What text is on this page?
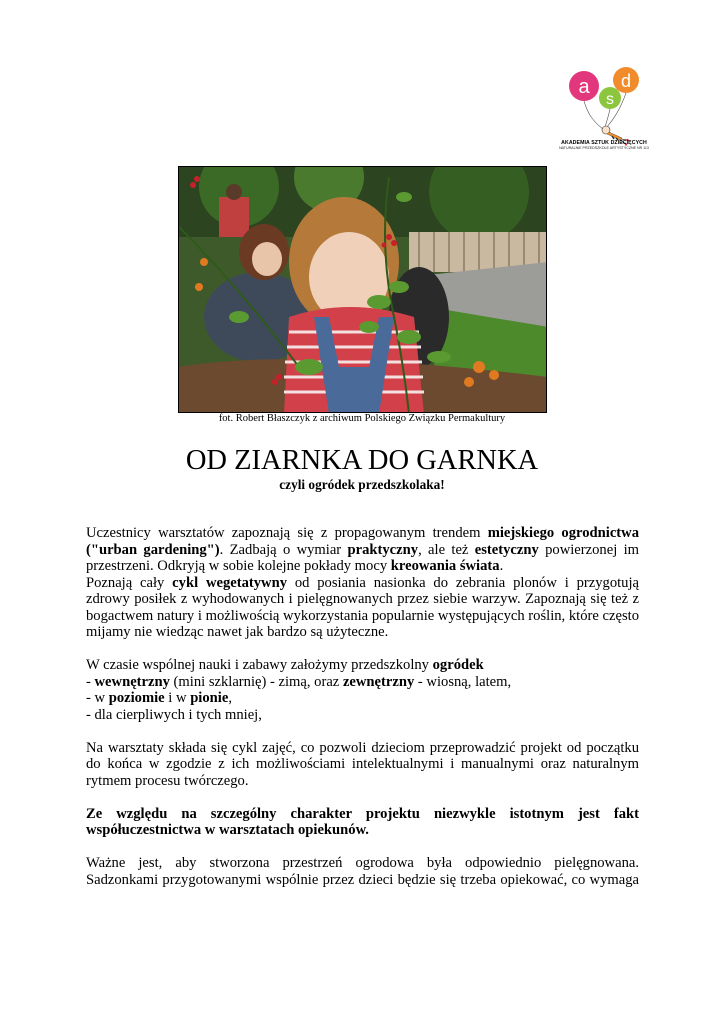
a
s
d
AKADEMIA SZTUK DZIECIĘCYCH
NATURALNIE PRZEDSZKOLE ARTYSTYCZNE NR 113
fot. Robert Błaszczyk z archiwum Polskiego Związku Permakultury
OD ZIARNKA DO GARNKA
czyli ogródek przedszkolaka!

Uczestnicy warsztatów zapoznają się z propagowanym trendem miejskiego ogrodnictwa ("urban gardening"). Zadbają o wymiar praktyczny, ale też estetyczny powierzonej im przestrzeni. Odkryją w sobie kolejne pokłady mocy kreowania świata.

Poznają cały cykl wegetatywny od posiania nasionka do zebrania plonów i przygotują zdrowy posiłek z wyhodowanych i pielęgnowanych przez siebie warzyw. Zapoznają się też z bogactwem natury i możliwością wykorzystania popularnie występujących roślin, które często mijamy nie wiedząc nawet jak bardzo są użyteczne.

W czasie wspólnej nauki i zabawy założymy przedszkolny ogródek
- wewnętrzny (mini szklarnię) - zimą, oraz zewnętrzny - wiosną, latem,
- w poziomie i w pionie,
- dla cierpliwych i tych mniej,

Na warsztaty składa się cykl zajęć, co pozwoli dzieciom przeprowadzić projekt od początku do końca w zgodzie z ich możliwościami intelektualnymi i manualnymi oraz naturalnym rytmem procesu twórczego.

Ze względu na szczególny charakter projektu niezwykle istotnym jest fakt współuczestnictwa w warsztatach opiekunów.

Ważne jest, aby stworzona przestrzeń ogrodowa była odpowiednio pielęgnowana. Sadzonkami przygotowanymi wspólnie przez dzieci będzie się trzeba opiekować, co wymaga
